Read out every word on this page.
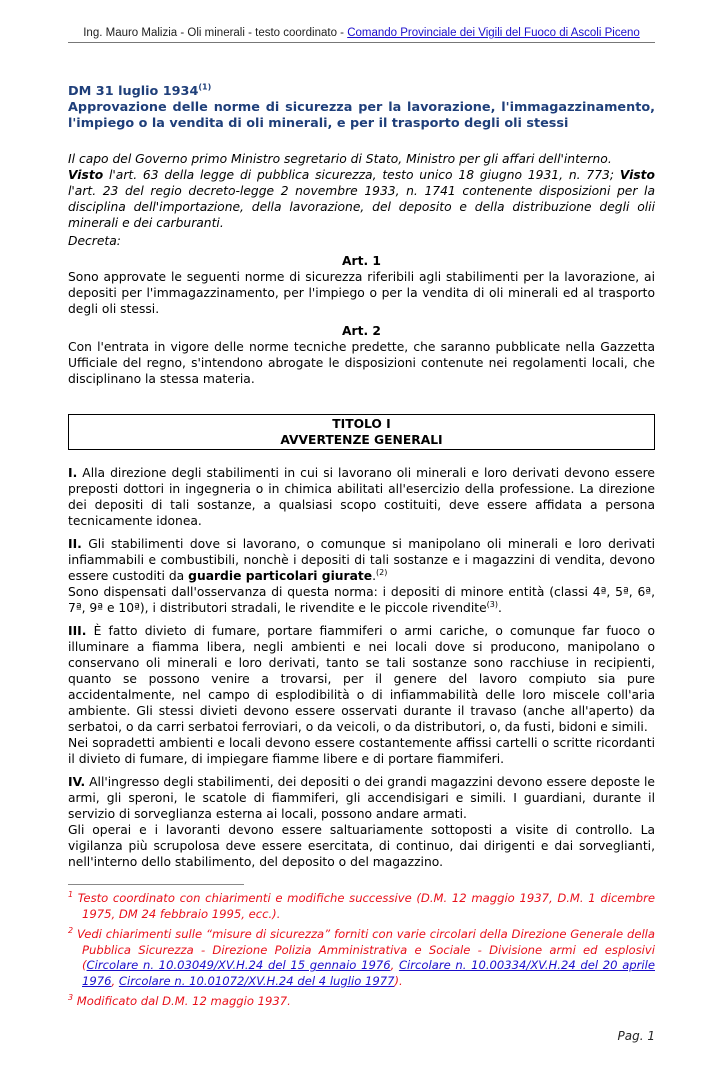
Ing. Mauro Malizia - Oli minerali - testo coordinato - Comando Provinciale dei Vigili del Fuoco di Ascoli Piceno
DM 31 luglio 1934$^{(1)}$
Approvazione delle norme di sicurezza per la lavorazione, l'immagazzinamento, l'impiego o la vendita di oli minerali, e per il trasporto degli oli stessi

Il capo del Governo primo Ministro segretario di Stato, Ministro per gli affari dell'interno.

Visto l'art. 63 della legge di pubblica sicurezza, testo unico 18 giugno 1931, n. 773; Visto l'art. 23 del regio decreto-legge 2 novembre 1933, n. 1741 contenente disposizioni per la disciplina dell'importazione, della lavorazione, del deposito e della distribuzione degli olii minerali e dei carburanti.

Decreta:

Art. 1

Sono approvate le seguenti norme di sicurezza riferibili agli stabilimenti per la lavorazione, ai depositi per l'immagazzinamento, per l'impiego o per la vendita di oli minerali ed al trasporto degli oli stessi.

Art. 2

Con l'entrata in vigore delle norme tecniche predette, che saranno pubblicate nella Gazzetta Ufficiale del regno, s'intendono abrogate le disposizioni contenute nei regolamenti locali, che disciplinano la stessa materia.

TITOLO I
AVVERTENZE GENERALI

I. Alla direzione degli stabilimenti in cui si lavorano oli minerali e loro derivati devono essere preposti dottori in ingegneria o in chimica abilitati all'esercizio della professione. La direzione dei depositi di tali sostanze, a qualsiasi scopo costituiti, deve essere affidata a persona tecnicamente idonea.

II. Gli stabilimenti dove si lavorano, o comunque si manipolano oli minerali e loro derivati infiammabili e combustibili, nonchè i depositi di tali sostanze e i magazzini di vendita, devono essere custoditi da guardie particolari giurate.$^{(2)}$

Sono dispensati dall'osservanza di questa norma: i depositi di minore entità (classi 4ª, 5ª, 6ª, 7ª, 9ª e 10ª), i distributori stradali, le rivendite e le piccole rivendite$^{(3)}$.

III. È fatto divieto di fumare, portare fiammiferi o armi cariche, o comunque far fuoco o illuminare a fiamma libera, negli ambienti e nei locali dove si producono, manipolano o conservano oli minerali e loro derivati, tanto se tali sostanze sono racchiuse in recipienti, quanto se possono venire a trovarsi, per il genere del lavoro compiuto sia pure accidentalmente, nel campo di esplodibilità o di infiammabilità delle loro miscele coll'aria ambiente. Gli stessi divieti devono essere osservati durante il travaso (anche all'aperto) da serbatoi, o da carri serbatoi ferroviari, o da veicoli, o da distributori, o, da fusti, bidoni e simili.

Nei sopradetti ambienti e locali devono essere costantemente affissi cartelli o scritte ricordanti il divieto di fumare, di impiegare fiamme libere e di portare fiammiferi.

IV. All'ingresso degli stabilimenti, dei depositi o dei grandi magazzini devono essere deposte le armi, gli speroni, le scatole di fiammiferi, gli accendisigari e simili. I guardiani, durante il servizio di sorveglianza esterna ai locali, possono andare armati.

Gli operai e i lavoranti devono essere saltuariamente sottoposti a visite di controllo. La vigilanza più scrupolosa deve essere esercitata, di continuo, dai dirigenti e dai sorveglianti, nell'interno dello stabilimento, del deposito o del magazzino.

$^1$ Testo coordinato con chiarimenti e modifiche successive (D.M. 12 maggio 1937, D.M. 1 dicembre 1975, DM 24 febbraio 1995, ecc.).
$^2$ Vedi chiarimenti sulle “misure di sicurezza” forniti con varie circolari della Direzione Generale della Pubblica Sicurezza - Direzione Polizia Amministrativa e Sociale - Divisione armi ed esplosivi (Circolare n. 10.03049/XV.H.24 del 15 gennaio 1976, Circolare n. 10.00334/XV.H.24 del 20 aprile 1976, Circolare n. 10.01072/XV.H.24 del 4 luglio 1977).
$^3$ Modificato dal D.M. 12 maggio 1937.
Pag. 1
